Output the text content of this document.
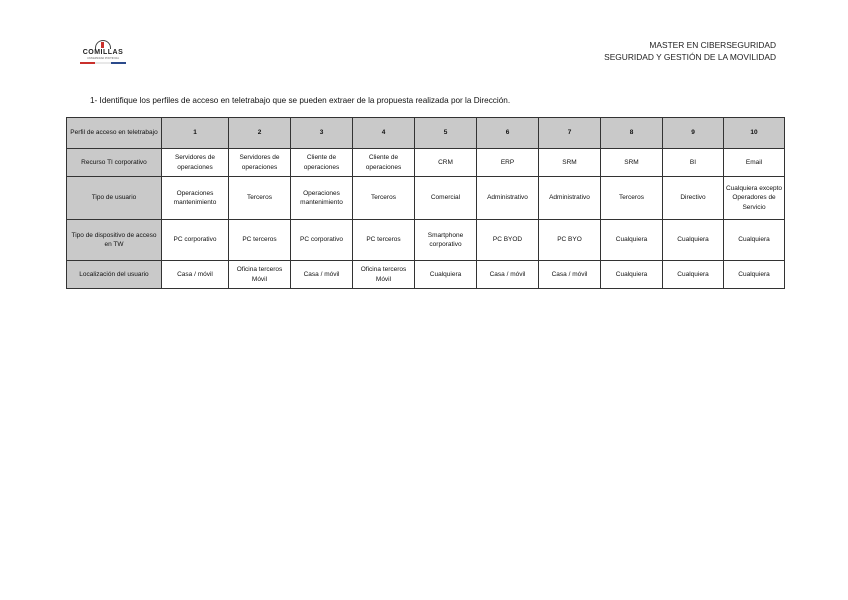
COMILLAS
UNIVERSIDAD PONTIFICIA
MASTER EN CIBERSEGURIDAD
SEGURIDAD Y GESTIÓN DE LA MOVILIDAD
1- Identifique los perfiles de acceso en teletrabajo que se pueden extraer de la propuesta realizada por la Dirección.
Perfil de acceso en teletrabajo	1	2	3	4	5	6	7	8	9	10
Recurso TI corporativo	Servidores de operaciones	Servidores de operaciones	Cliente de operaciones	Cliente de operaciones	CRM	ERP	SRM	SRM	BI	Email
Tipo de usuario	Operaciones mantenimiento	Terceros	Operaciones mantenimiento	Terceros	Comercial	Administrativo	Administrativo	Terceros	Directivo	Cualquiera excepto Operadores de Servicio
Tipo de dispositivo de acceso en TW	PC corporativo	PC terceros	PC corporativo	PC terceros	Smartphone corporativo	PC BYOD	PC BYO	Cualquiera	Cualquiera	Cualquiera
Localización del usuario	Casa / móvil	Oficina terceros Móvil	Casa / móvil	Oficina terceros Móvil	Cualquiera	Casa / móvil	Casa / móvil	Cualquiera	Cualquiera	Cualquiera
